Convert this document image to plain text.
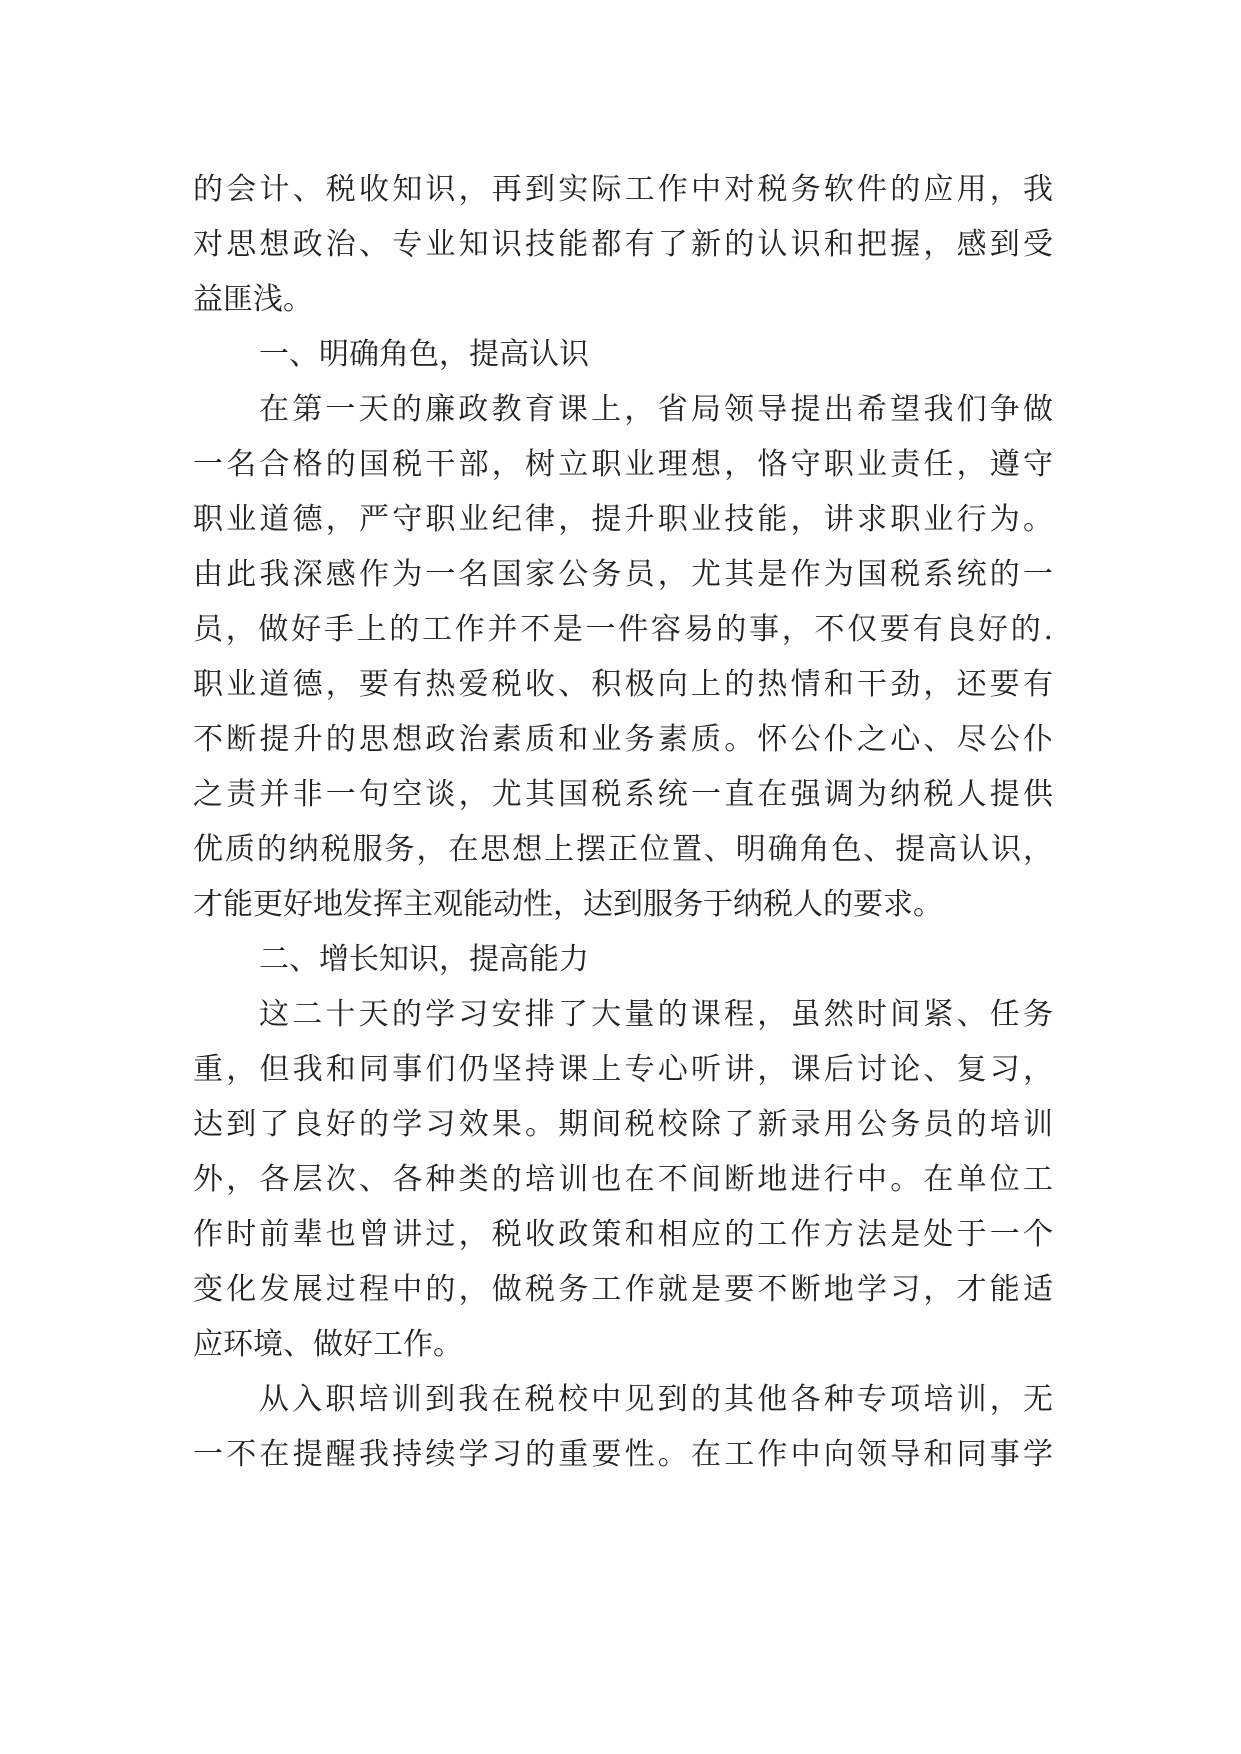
的会计、税收知识，再到实际工作中对税务软件的应用，我
对思想政治、专业知识技能都有了新的认识和把握，感到受
益匪浅。
一、明确角色，提高认识
在第一天的廉政教育课上，省局领导提出希望我们争做
一名合格的国税干部，树立职业理想，恪守职业责任，遵守
职业道德，严守职业纪律，提升职业技能，讲求职业行为。
由此我深感作为一名国家公务员，尤其是作为国税系统的一
员，做好手上的工作并不是一件容易的事，不仅要有良好的.
职业道德，要有热爱税收、积极向上的热情和干劲，还要有
不断提升的思想政治素质和业务素质。怀公仆之心、尽公仆
之责并非一句空谈，尤其国税系统一直在强调为纳税人提供
优质的纳税服务，在思想上摆正位置、明确角色、提高认识，
才能更好地发挥主观能动性，达到服务于纳税人的要求。
二、增长知识，提高能力
这二十天的学习安排了大量的课程，虽然时间紧、任务
重，但我和同事们仍坚持课上专心听讲，课后讨论、复习，
达到了良好的学习效果。期间税校除了新录用公务员的培训
外，各层次、各种类的培训也在不间断地进行中。在单位工
作时前辈也曾讲过，税收政策和相应的工作方法是处于一个
变化发展过程中的，做税务工作就是要不断地学习，才能适
应环境、做好工作。
从入职培训到我在税校中见到的其他各种专项培训，无
一不在提醒我持续学习的重要性。在工作中向领导和同事学
